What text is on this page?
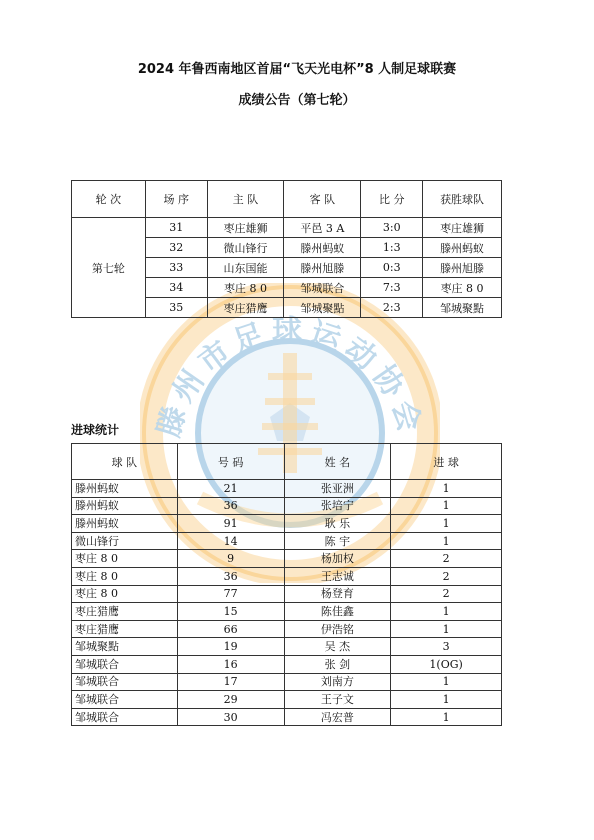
2024 年鲁西南地区首届“飞天光电杯”8 人制足球联赛
成绩公告（第七轮）
滕州市足球运动协会
轮 次	场 序	主 队	客 队	比 分	获胜球队
第七轮	31	枣庄雄狮	平邑 3 A	3:0	枣庄雄狮
	32	微山锋行	滕州蚂蚁	1:3	滕州蚂蚁
	33	山东国能	滕州旭滕	0:3	滕州旭滕
	34	枣庄 8 0	邹城联合	7:3	枣庄 8 0
	35	枣庄猎鹰	邹城聚點	2:3	邹城聚點
进球统计
球 队	号 码	姓 名	进 球
滕州蚂蚁	21	张亚洲	1
滕州蚂蚁	36	张培宁	1
滕州蚂蚁	91	耿 乐	1
微山锋行	14	陈 宇	1
枣庄 8 0	9	杨加权	2
枣庄 8 0	36	王志诚	2
枣庄 8 0	77	杨登育	2
枣庄猎鹰	15	陈佳鑫	1
枣庄猎鹰	66	伊浩铭	1
邹城聚點	19	吴 杰	3
邹城联合	16	张 剑	1(OG)
邹城联合	17	刘南方	1
邹城联合	29	王子文	1
邹城联合	30	冯宏普	1
